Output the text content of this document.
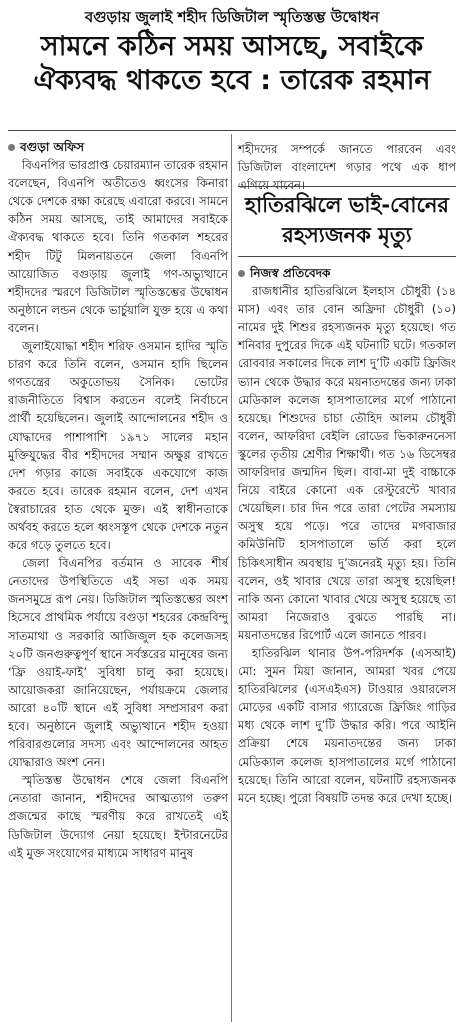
বগুড়ায় জুলাই শহীদ ডিজিটাল স্মৃতিস্তম্ভ উদ্বোধন
সামনে কঠিন সময় আসছে, সবাইকে
ঐক্যবদ্ধ থাকতে হবে : তারেক রহমান

বগুড়া অফিস

বিএনপির ভারপ্রাপ্ত চেয়ারম্যান তারেক রহমান বলেছেন, বিএনপি অতীতেও ধ্বংসের কিনারা থেকে দেশকে রক্ষা করেছে এবারো করবে। সামনে কঠিন সময় আসছে, তাই আমাদের সবাইকে ঐক্যবদ্ধ থাকতে হবে। তিনি গতকাল শহরের শহীদ টিটু মিলনায়তনে জেলা বিএনপি আয়োজিত বগুড়ায় জুলাই গণ-অভ্যুত্থানে শহীদদের স্মরণে ডিজিটাল স্মৃতিস্তম্ভের উদ্বোধন অনুষ্ঠানে লন্ডন থেকে ভার্চুয়ালি যুক্ত হয়ে এ কথা বলেন।

জুলাইযোদ্ধা শহীদ শরিফ ওসমান হাদির স্মৃতি চারণ করে তিনি বলেন, ওসমান হাদি ছিলেন গণতন্ত্রের অকুতোভয় সৈনিক। ভোটের রাজনীতিতে বিশ্বাস করতেন বলেই নির্বাচনে প্রার্থী হয়েছিলেন। জুলাই আন্দোলনের শহীদ ও যোদ্ধাদের পাশাপাশি ১৯৭১ সালের মহান মুক্তিযুদ্ধের বীর শহীদদের সম্মান অক্ষুণ্ণ রাখতে দেশ গড়ার কাজে সবাইকে একযোগে কাজ করতে হবে। তারেক রহমান বলেন, দেশ এখন স্বৈরাচারের হাত থেকে মুক্ত। এই স্বাধীনতাকে অর্থবহ করতে হলে ধ্বংসস্তূপ থেকে দেশকে নতুন করে গড়ে তুলতে হবে।

জেলা বিএনপির বর্তমান ও সাবেক শীর্ষ নেতাদের উপস্থিতিতে এই সভা এক সময় জনসমুদ্রে রূপ নেয়। ডিজিটাল স্মৃতিস্তম্ভের অংশ হিসেবে প্রাথমিক পর্যায়ে বগুড়া শহরের কেন্দ্রবিন্দু সাতমাথা ও সরকারি আজিজুল হক কলেজসহ ২০টি জনগুরুত্বপূর্ণ স্থানে সর্বস্তরের মানুষের জন্য ‘ফ্রি ওয়াই-ফাই’ সুবিধা চালু করা হয়েছে। আয়োজকরা জানিয়েছেন, পর্যায়ক্রমে জেলার আরো ৪০টি স্থানে এই সুবিধা সম্প্রসারণ করা হবে। অনুষ্ঠানে জুলাই অভ্যুত্থানে শহীদ হওয়া পরিবারগুলোর সদস্য এবং আন্দোলনের আহত যোদ্ধারাও অংশ নেন।

স্মৃতিস্তম্ভ উদ্বোধন শেষে জেলা বিএনপি নেতারা জানান, শহীদদের আত্মত্যাগ তরুণ প্রজন্মের কাছে স্মরণীয় করে রাখতেই এই ডিজিটাল উদ্যোগ নেয়া হয়েছে। ইন্টারনেটের এই মুক্ত সংযোগের মাধ্যমে সাধারণ মানুষ

শহীদদের সম্পর্কে জানতে পারবেন এবং ডিজিটাল বাংলাদেশ গড়ার পথে এক ধাপ

হাতিরঝিলে ভাই-বোনের
রহস্যজনক মৃত্যু

নিজস্ব প্রতিবেদক

রাজধানীর হাতিরঝিলে ইলহাস চৌধুরী (১৪ মাস) এবং তার বোন অফ্রিদা চৌধুরী (১০) নামের দুই শিশুর রহস্যজনক মৃত্যু হয়েছে। গত শনিবার দুপুরের দিকে এই ঘটনাটি ঘটে। গতকাল রোববার সকালের দিকে লাশ দু’টি একটি ফ্রিজিং ভ্যান থেকে উদ্ধার করে ময়নাতদন্তের জন্য ঢাকা মেডিকাল কলেজ হাসপাতালের মর্গে পাঠানো হয়েছে। শিশুদের চাচা তৌহিদ আলম চৌধুরী বলেন, আফরিদা বেইলি রোডের ভিকারুননেসা স্কুলের তৃতীয় শ্রেণীর শিক্ষার্থী। গত ১৬ ডিসেম্বর আফরিদার জন্মদিন ছিল। বাবা-মা দুই বাচ্চাকে নিয়ে বাইরে কোনো এক রেস্টুরেন্টে খাবার খেয়েছিল। চার দিন পরে তারা পেটের সমস্যায় অসুস্থ হয়ে পড়ে। পরে তাদের মগবাজার কমিউনিটি হাসপাতালে ভর্তি করা হলে চিকিৎসাধীন অবস্থায় দু’জনেরই মৃত্যু হয়। তিনি বলেন, ওই খাবার খেয়ে তারা অসুস্থ হয়েছিল! নাকি অন্য কোনো খাবার খেয়ে অসুস্থ হয়েছে তা আমরা নিজেরাও বুঝতে পারছি না। ময়নাতদন্তের রিপোর্ট এলে জানতে পারব।

হাতিরঝিল থানার উপ-পরিদর্শক (এসআই) মো: সুমন মিয়া জানান, আমরা খবর পেয়ে হাতিরঝিলের (এসএইএস) টাওয়ার ওয়ারলেস মোড়ের একটি বাসার গ্যারেজে ফ্রিজিং গাড়ির মধ্য থেকে লাশ দু’টি উদ্ধার করি। পরে আইনি প্রক্রিয়া শেষে ময়নাতদন্তের জন্য ঢাকা মেডিক্যাল কলেজ হাসপাতালের মর্গে পাঠানো হয়েছে। তিনি আরো বলেন, ঘটনাটি রহস্যজনক মনে হচ্ছে। পুরো বিষয়টি তদন্ত করে দেখা হচ্ছে।
